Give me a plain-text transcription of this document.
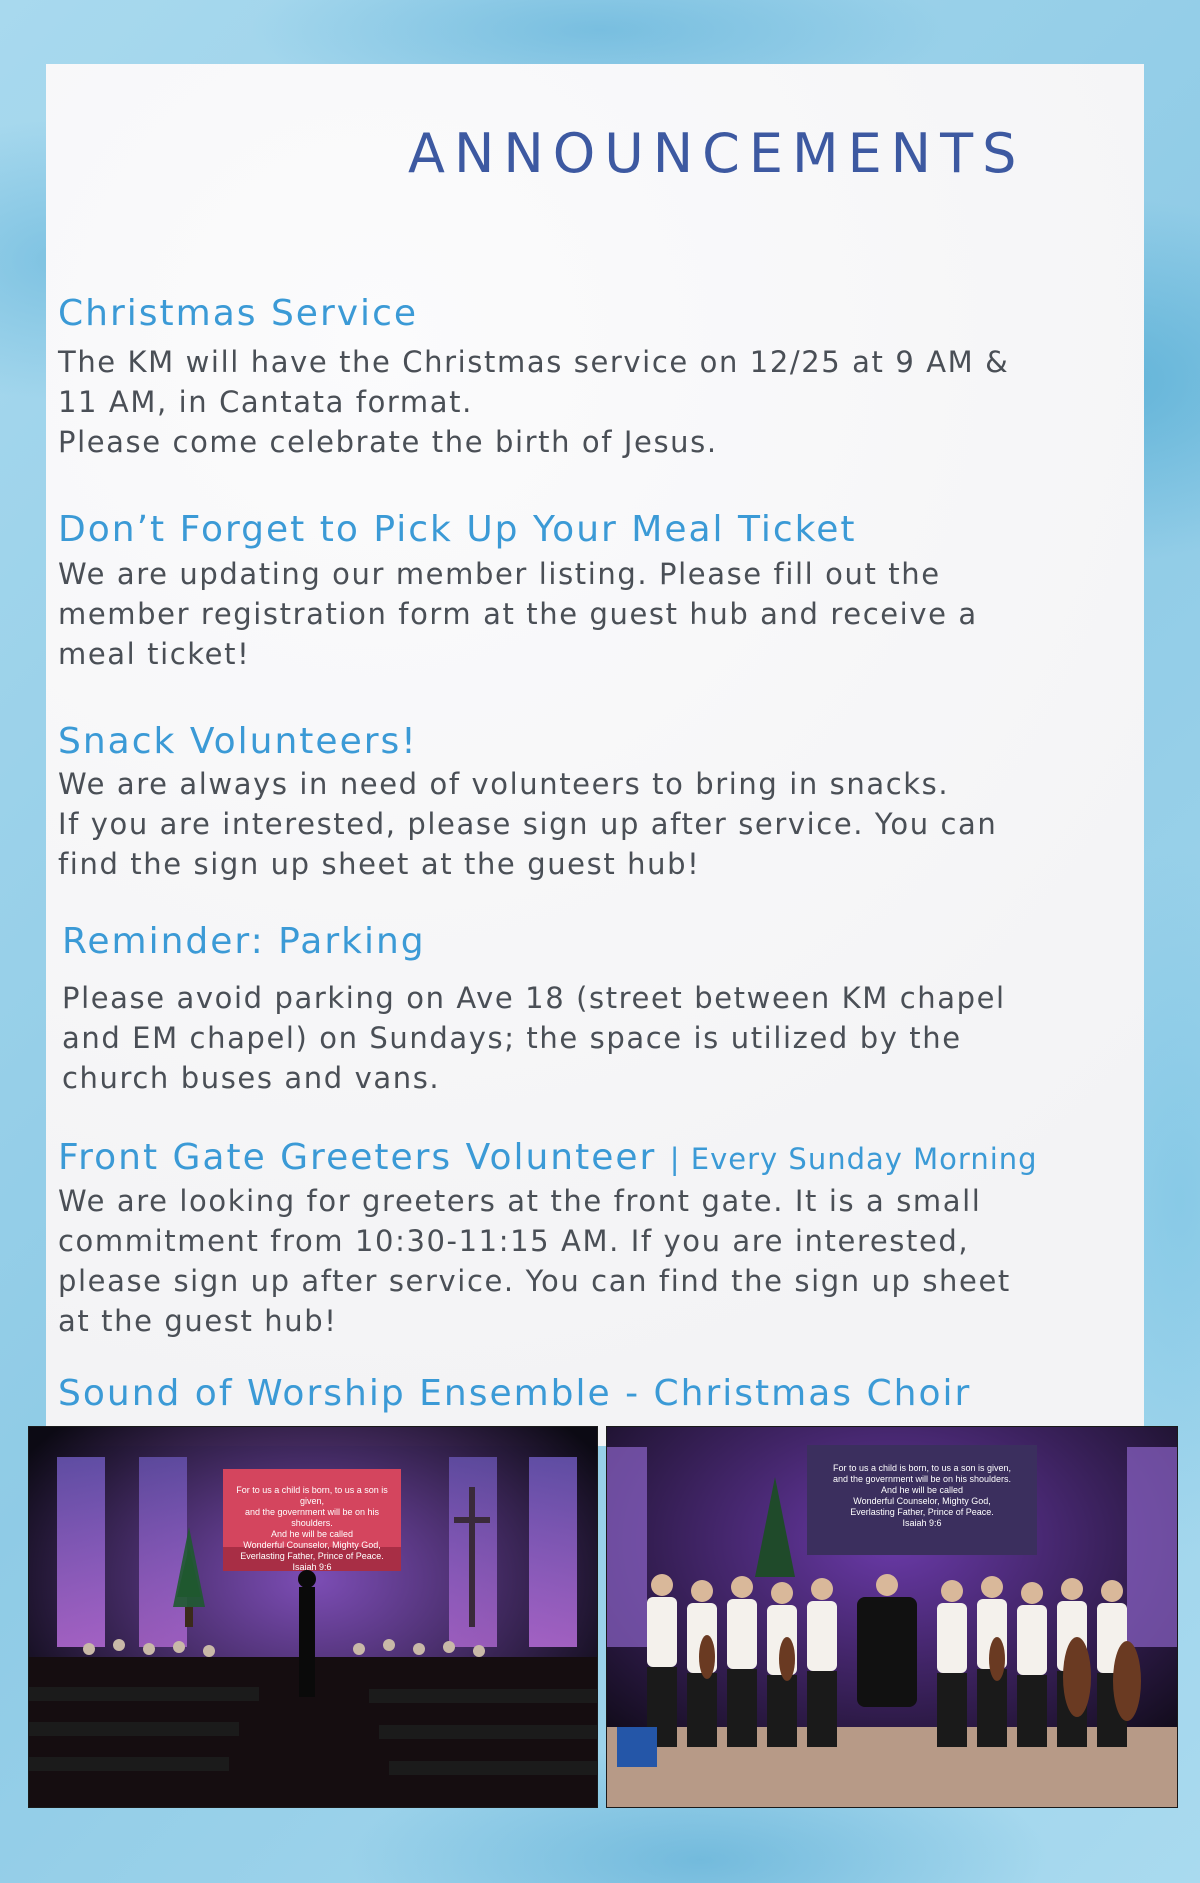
ANNOUNCEMENTS
Christmas Service

The KM will have the Christmas service on 12/25 at 9 AM &
11 AM, in Cantata format.
Please come celebrate the birth of Jesus.

Don’t Forget to Pick Up Your Meal Ticket

We are updating our member listing. Please fill out the
member registration form at the guest hub and receive a
meal ticket!

Snack Volunteers!

We are always in need of volunteers to bring in snacks.
If you are interested, please sign up after service. You can
find the sign up sheet at the guest hub!

Reminder: Parking

Please avoid parking on Ave 18 (street between KM chapel
and EM chapel) on Sundays; the space is utilized by the
church buses and vans.

Front Gate Greeters Volunteer | Every Sunday Morning

We are looking for greeters at the front gate. It is a small
commitment from 10:30-11:15 AM. If you are interested,
please sign up after service. You can find the sign up sheet
at the guest hub!

Sound of Worship Ensemble - Christmas Choir
For to us a child is born, to us a son is given,
and the government will be on his shoulders.
And he will be called
Wonderful Counselor, Mighty God,
Everlasting Father, Prince of Peace.
Isaiah 9:6
For to us a child is born, to us a son is given,
and the government will be on his shoulders.
And he will be called
Wonderful Counselor, Mighty God,
Everlasting Father, Prince of Peace.
Isaiah 9:6
